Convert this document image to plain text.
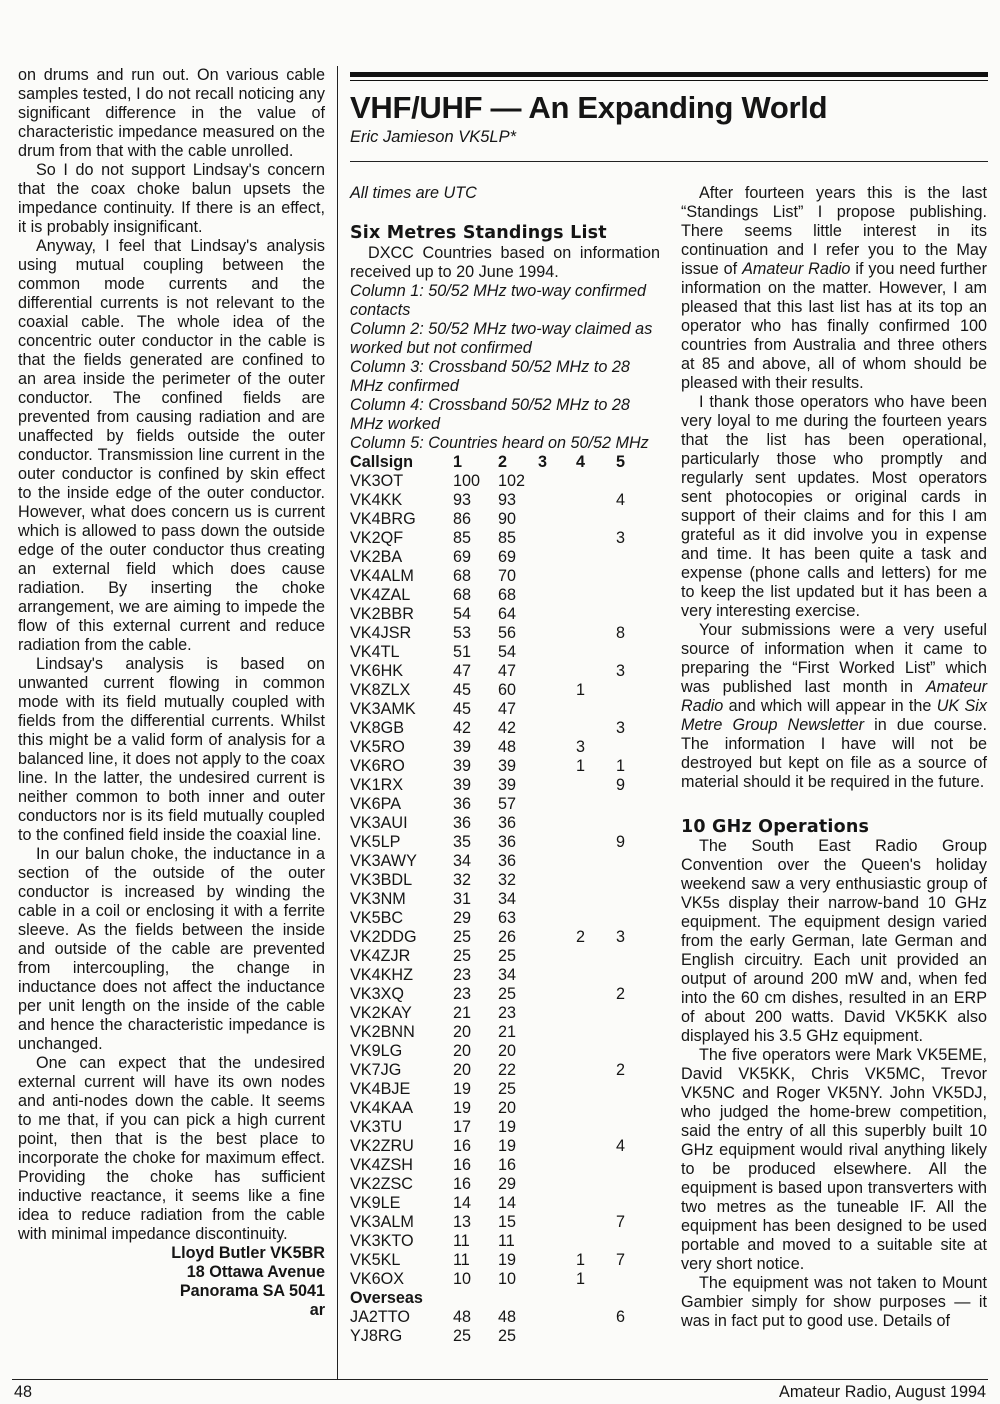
on drums and run out. On various cable samples tested, I do not recall noticing any significant difference in the value of characteristic impedance measured on the drum from that with the cable unrolled.

So I do not support Lindsay's concern that the coax choke balun upsets the impedance continuity. If there is an effect, it is probably insignificant.

Anyway, I feel that Lindsay's analysis using mutual coupling between the common mode currents and the differential currents is not relevant to the coaxial cable. The whole idea of the concentric outer conductor in the cable is that the fields generated are confined to an area inside the perimeter of the outer conductor. The confined fields are prevented from causing radiation and are unaffected by fields outside the outer conductor. Transmission line current in the outer conductor is confined by skin effect to the inside edge of the outer conductor. However, what does concern us is current which is allowed to pass down the outside edge of the outer conductor thus creating an external field which does cause radiation. By inserting the choke arrangement, we are aiming to impede the flow of this external current and reduce radiation from the cable.

Lindsay's analysis is based on unwanted current flowing in common mode with its field mutually coupled with fields from the differential currents. Whilst this might be a valid form of analysis for a balanced line, it does not apply to the coax line. In the latter, the undesired current is neither common to both inner and outer conductors nor is its field mutually coupled to the confined field inside the coaxial line.

In our balun choke, the inductance in a section of the outside of the outer conductor is increased by winding the cable in a coil or enclosing it with a ferrite sleeve. As the fields between the inside and outside of the cable are prevented from intercoupling, the change in inductance does not affect the inductance per unit length on the inside of the cable and hence the characteristic impedance is unchanged.

One can expect that the undesired external current will have its own nodes and anti-nodes down the cable. It seems to me that, if you can pick a high current point, then that is the best place to incorporate the choke for maximum effect. Providing the choke has sufficient inductive reactance, it seems like a fine idea to reduce radiation from the cable with minimal impedance discontinuity.

Lloyd Butler VK5BR
18 Ottawa Avenue
Panorama SA 5041
ar
VHF/UHF — An Expanding World
Eric Jamieson VK5LP*
All times are UTC
Six Metres Standings List

DXCC Countries based on information received up to 20 June 1994.

Column 1: 50/52 MHz two-way confirmed contacts
Column 2: 50/52 MHz two-way claimed as worked but not confirmed
Column 3: Crossband 50/52 MHz to 28 MHz confirmed
Column 4: Crossband 50/52 MHz to 28 MHz worked
Column 5: Countries heard on 50/52 MHz
Callsign	1	2	3	4	5
VK3OT	100	102			
VK4KK	93	93			4
VK4BRG	86	90			
VK2QF	85	85			3
VK2BA	69	69			
VK4ALM	68	70			
VK4ZAL	68	68			
VK2BBR	54	64			
VK4JSR	53	56			8
VK4TL	51	54			
VK6HK	47	47			3
VK8ZLX	45	60		1	
VK3AMK	45	47			
VK8GB	42	42			3
VK5RO	39	48		3	
VK6RO	39	39		1	1
VK1RX	39	39			9
VK6PA	36	57			
VK3AUI	36	36			
VK5LP	35	36			9
VK3AWY	34	36			
VK3BDL	32	32			
VK3NM	31	34			
VK5BC	29	63			
VK2DDG	25	26		2	3
VK4ZJR	25	25			
VK4KHZ	23	34			
VK3XQ	23	25			2
VK2KAY	21	23			
VK2BNN	20	21			
VK9LG	20	20			
VK7JG	20	22			2
VK4BJE	19	25			
VK4KAA	19	20			
VK3TU	17	19			
VK2ZRU	16	19			4
VK4ZSH	16	16			
VK2ZSC	16	29			
VK9LE	14	14			
VK3ALM	13	15			7
VK3KTO	11	11			
VK5KL	11	19		1	7
VK6OX	10	10		1	
Overseas					
JA2TTO	48	48			6
YJ8RG	25	25			

After fourteen years this is the last “Standings List” I propose publishing. There seems little interest in its continuation and I refer you to the May issue of Amateur Radio if you need further information on the matter. However, I am pleased that this last list has at its top an operator who has finally confirmed 100 countries from Australia and three others at 85 and above, all of whom should be pleased with their results.

I thank those operators who have been very loyal to me during the fourteen years that the list has been operational, particularly those who promptly and regularly sent updates. Most operators sent photocopies or original cards in support of their claims and for this I am grateful as it did involve you in expense and time. It has been quite a task and expense (phone calls and letters) for me to keep the list updated but it has been a very interesting exercise.

Your submissions were a very useful source of information when it came to preparing the “First Worked List” which was published last month in Amateur Radio and which will appear in the UK Six Metre Group Newsletter in due course. The information I have will not be destroyed but kept on file as a source of material should it be required in the future.

10 GHz Operations

The South East Radio Group Convention over the Queen's holiday weekend saw a very enthusiastic group of VK5s display their narrow-band 10 GHz equipment. The equipment design varied from the early German, late German and English circuitry. Each unit provided an output of around 200 mW and, when fed into the 60 cm dishes, resulted in an ERP of about 200 watts. David VK5KK also displayed his 3.5 GHz equipment.

The five operators were Mark VK5EME, David VK5KK, Chris VK5MC, Trevor VK5NC and Roger VK5NY. John VK5DJ, who judged the home-brew competition, said the entry of all this superbly built 10 GHz equipment would rival anything likely to be produced elsewhere. All the equipment is based upon transverters with two metres as the tuneable IF. All the equipment has been designed to be used portable and moved to a suitable site at very short notice.

The equipment was not taken to Mount Gambier simply for show purposes — it was in fact put to good use. Details of

48	Amateur Radio, August 1994
